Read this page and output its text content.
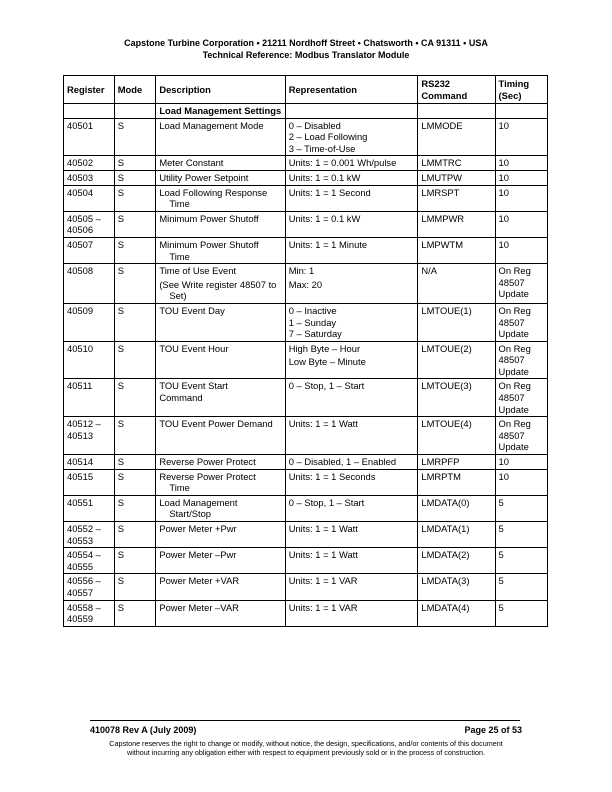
Capstone Turbine Corporation • 21211 Nordhoff Street • Chatsworth • CA 91311 • USA
Technical Reference: Modbus Translator Module
Register	Mode	Description	Representation	RS232 Command	Timing (Sec)
		Load Management Settings			

40501	S	Load Management Mode	0 – Disabled
2 – Load Following
3 – Time-of-Use	LMMODE	10

40502	S	Meter Constant	Units: 1 = 0.001 Wh/pulse	LMMTRC	10

40503	S	Utility Power Setpoint	Units: 1 = 0.1 kW	LMUTPW	10

40504	S	Load Following Response
Time	Units: 1 = 1 Second	LMRSPT	10

40505 –
40506	S	Minimum Power Shutoff	Units: 1 = 0.1 kW	LMMPWR	10

40507	S	Minimum Power Shutoff
Time	Units: 1 = 1 Minute	LMPWTM	10

40508	S	Time of Use Event
(See Write register 48507 to
Set)	Min: 1
Max: 20	N/A	On Reg
48507
Update

40509	S	TOU Event Day	0 – Inactive
1 – Sunday
7 – Saturday	LMTOUE(1)	On Reg
48507
Update

40510	S	TOU Event Hour	High Byte – Hour
Low Byte – Minute	LMTOUE(2)	On Reg
48507
Update

40511	S	TOU Event Start
Command	0 – Stop, 1 – Start	LMTOUE(3)	On Reg
48507
Update

40512 –
40513	S	TOU Event Power Demand	Units: 1 = 1 Watt	LMTOUE(4)	On Reg
48507
Update

40514	S	Reverse Power Protect	0 – Disabled, 1 – Enabled	LMRPFP	10

40515	S	Reverse Power Protect
Time	Units: 1 = 1 Seconds	LMRPTM	10

40551	S	Load Management
Start/Stop	0 – Stop, 1 – Start	LMDATA(0)	5

40552 –
40553	S	Power Meter +Pwr	Units: 1 = 1 Watt	LMDATA(1)	5

40554 –
40555	S	Power Meter –Pwr	Units: 1 = 1 Watt	LMDATA(2)	5

40556 –
40557	S	Power Meter +VAR	Units: 1 = 1 VAR	LMDATA(3)	5

40558 –
40559	S	Power Meter –VAR	Units: 1 = 1 VAR	LMDATA(4)	5
410078 Rev A (July 2009)	Page 25 of 53
Capstone reserves the right to change or modify, without notice, the design, specifications, and/or contents of this document
without incurring any obligation either with respect to equipment previously sold or in the process of construction.
